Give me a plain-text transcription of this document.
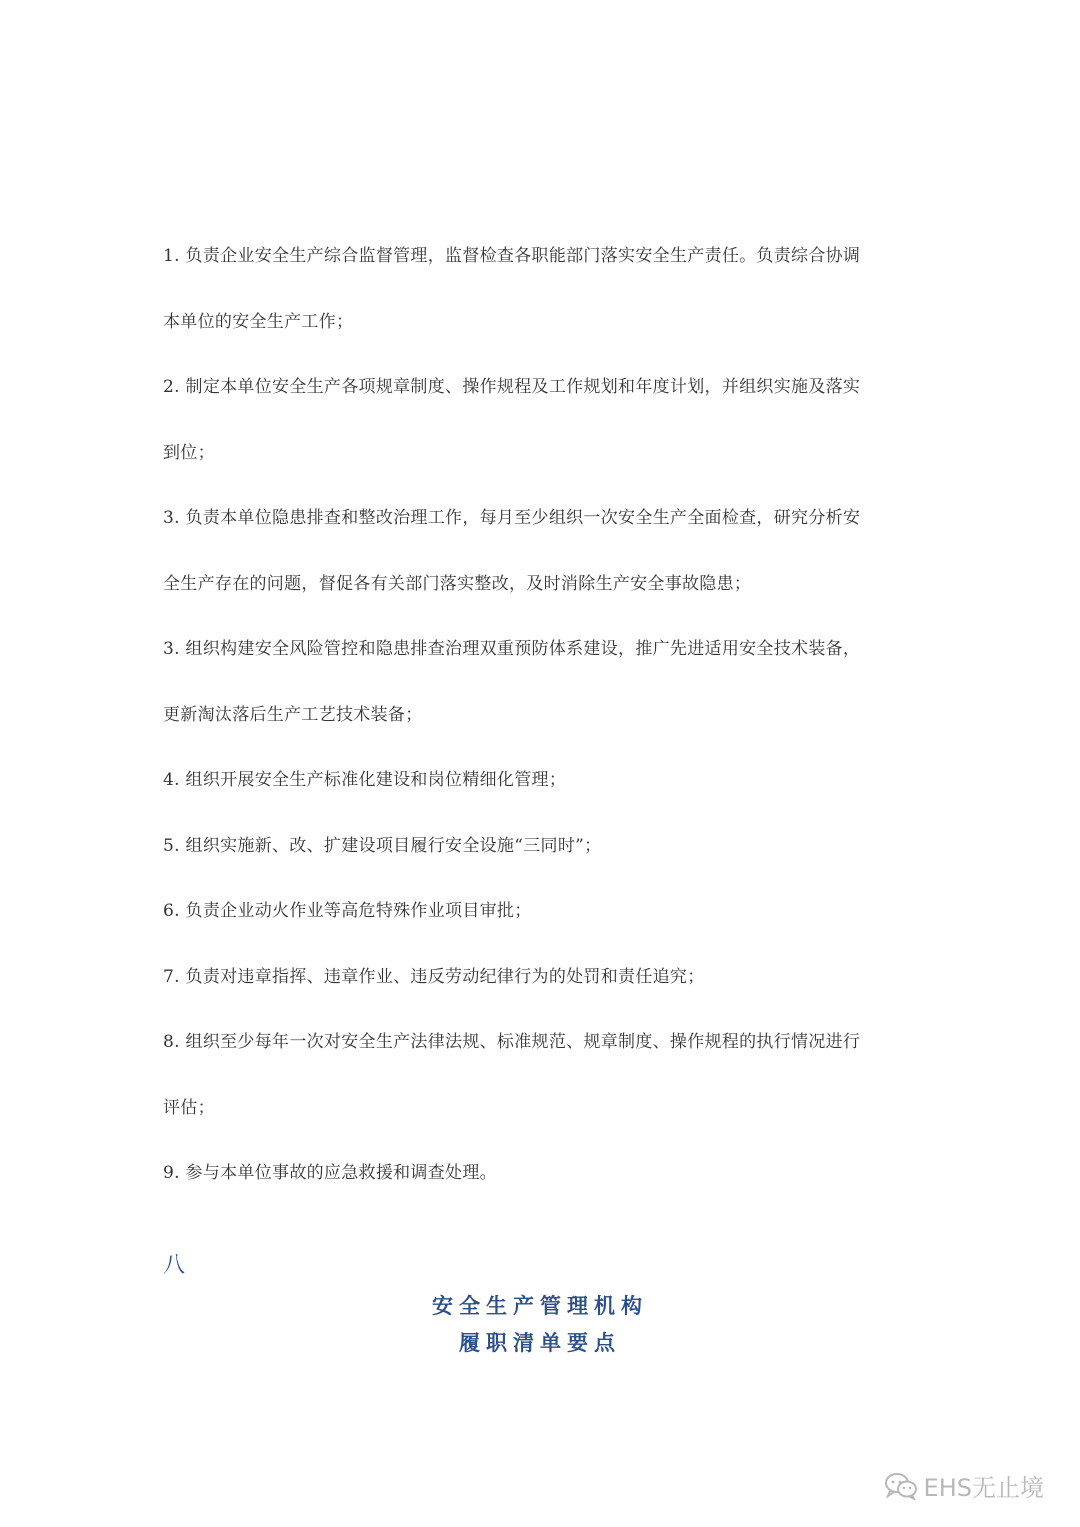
1. 负责企业安全生产综合监督管理，监督检查各职能部门落实安全生产责任。负责综合协调

本单位的安全生产工作；

2. 制定本单位安全生产各项规章制度、操作规程及工作规划和年度计划，并组织实施及落实

到位；

3. 负责本单位隐患排查和整改治理工作，每月至少组织一次安全生产全面检查，研究分析安

全生产存在的问题，督促各有关部门落实整改，及时消除生产安全事故隐患；

3. 组织构建安全风险管控和隐患排查治理双重预防体系建设，推广先进适用安全技术装备，

更新淘汰落后生产工艺技术装备；

4. 组织开展安全生产标准化建设和岗位精细化管理；

5. 组织实施新、改、扩建设项目履行安全设施“三同时”；

6. 负责企业动火作业等高危特殊作业项目审批；

7. 负责对违章指挥、违章作业、违反劳动纪律行为的处罚和责任追究；

8. 组织至少每年一次对安全生产法律法规、标准规范、规章制度、操作规程的执行情况进行

评估；

9. 参与本单位事故的应急救援和调查处理。

八
安全生产管理机构
履职清单要点
EHS无止境
